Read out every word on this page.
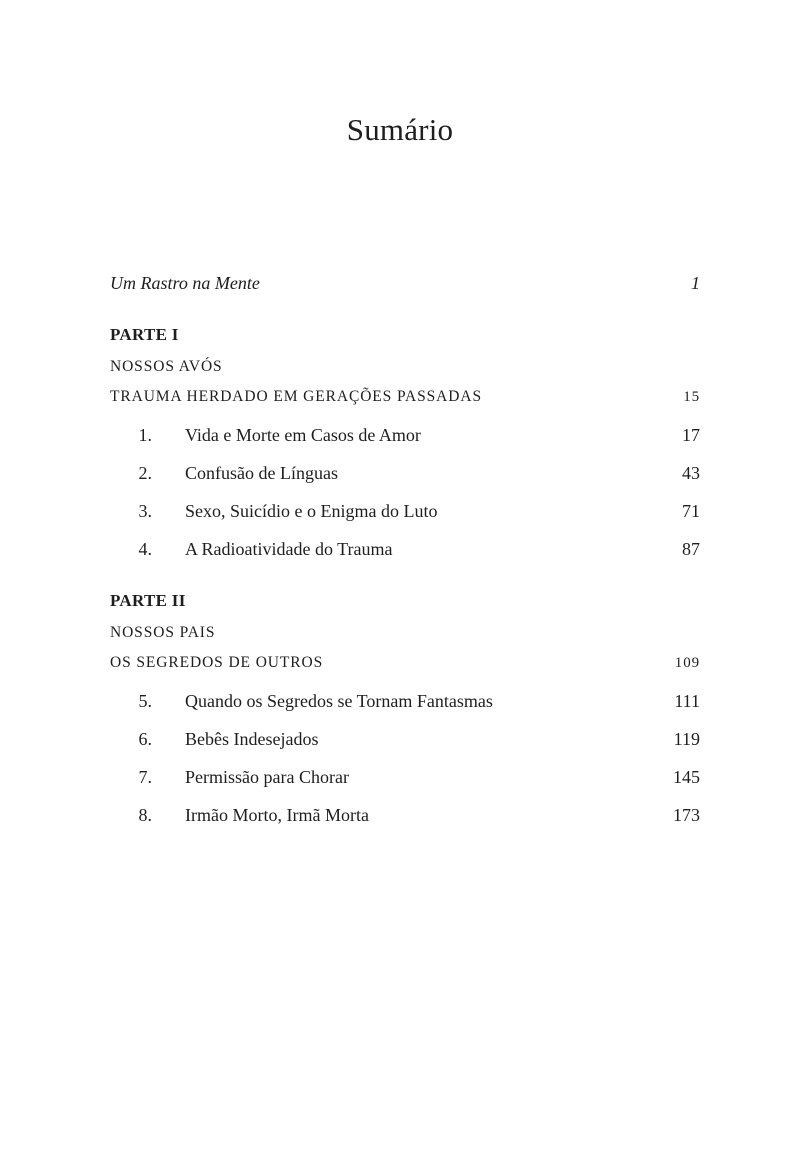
Sumário
Um Rastro na Mente	1
PARTE I
NOSSOS AVÓS
TRAUMA HERDADO EM GERAÇÕES PASSADAS	15
1. Vida e Morte em Casos de Amor	17
2. Confusão de Línguas	43
3. Sexo, Suicídio e o Enigma do Luto	71
4. A Radioatividade do Trauma	87
PARTE II
NOSSOS PAIS
OS SEGREDOS DE OUTROS	109
5. Quando os Segredos se Tornam Fantasmas	111
6. Bebês Indesejados	119
7. Permissão para Chorar	145
8. Irmão Morto, Irmã Morta	173
